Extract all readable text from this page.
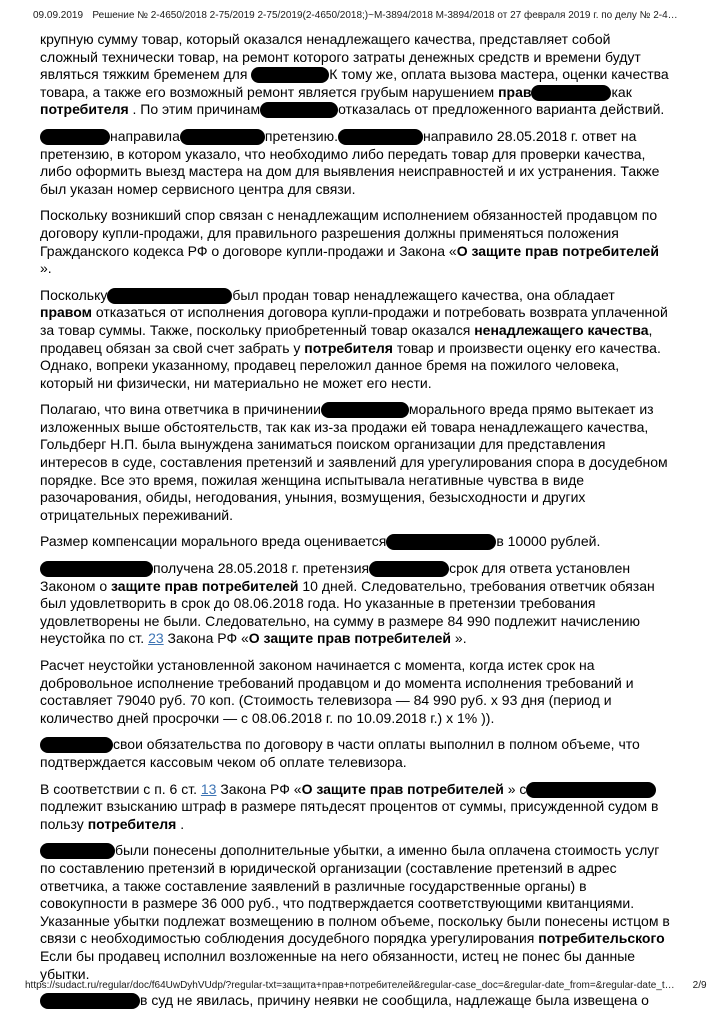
09.09.2019 Решение № 2-4650/2018 2-75/2019 2-75/2019(2-4650/2018;)~М-3894/2018 М-3894/2018 от 27 февраля 2019 г. по делу № 2-4…

крупную сумму товар, который оказался ненадлежащего качества, представляет собой сложный технически товар, на ремонт которого затраты денежных средств и времени будут являться тяжким бременем для	К тому же, оплата вызова мастера, оценки качества товара, а также его возможный ремонт является грубым нарушением прав	как потребителя . По этим причинам	отказалась от предложенного варианта действий.

направила	претензию.	направило 28.05.2018 г. ответ на претензию, в котором указало, что необходимо либо передать товар для проверки качества, либо оформить выезд мастера на дом для выявления неисправностей и их устранения. Также был указан номер сервисного центра для связи.

Поскольку возникший спор связан с ненадлежащим исполнением обязанностей продавцом по договору купли-продажи, для правильного разрешения должны применяться положения Гражданского кодекса РФ о договоре купли-продажи и Закона «О защите прав потребителей ».

Поскольку	был продан товар ненадлежащего качества, она обладает правом отказаться от исполнения договора купли-продажи и потребовать возврата уплаченной за товар суммы. Также, поскольку приобретенный товар оказался ненадлежащего качества, продавец обязан за свой счет забрать у потребителя товар и произвести оценку его качества. Однако, вопреки указанному, продавец переложил данное бремя на пожилого человека, который ни физически, ни материально не может его нести.

Полагаю, что вина ответчика в причинении	морального вреда прямо вытекает из изложенных выше обстоятельств, так как из-за продажи ей товара ненадлежащего качества, Гольдберг Н.П. была вынуждена заниматься поиском организации для представления интересов в суде, составления претензий и заявлений для урегулирования спора в досудебном порядке. Все это время, пожилая женщина испытывала негативные чувства в виде разочарования, обиды, негодования, уныния, возмущения, безысходности и других отрицательных переживаний.

Размер компенсации морального вреда оценивается	в 10000 рублей.

получена 28.05.2018 г. претензия	срок для ответа установлен Законом о защите прав потребителей 10 дней. Следовательно, требования ответчик обязан был удовлетворить в срок до 08.06.2018 года. Но указанные в претензии требования удовлетворены не были. Следовательно, на сумму в размере 84 990 подлежит начислению неустойка по ст. 23 Закона РФ «О защите прав потребителей ».

Расчет неустойки установленной законом начинается с момента, когда истек срок на добровольное исполнение требований продавцом и до момента исполнения требований и составляет 79040 руб. 70 коп. (Стоимость телевизора — 84 990 руб. x 93 дня (период и количество дней просрочки — с 08.06.2018 г. по 10.09.2018 г.) x 1% )).

свои обязательства по договору в части оплаты выполнил в полном объеме, что подтверждается кассовым чеком об оплате телевизора.

В соответствии с п. 6 ст. 13 Закона РФ «О защите прав потребителей » сподлежит взысканию штраф в размере пятьдесят процентов от суммы, присужденной судом в пользу потребителя .

были понесены дополнительные убытки, а именно была оплачена стоимость услуг по составлению претензий в юридической организации (составление претензий в адрес ответчика, а также составление заявлений в различные государственные органы) в совокупности в размере 36 000 руб., что подтверждается соответствующими квитанциями. Указанные убытки подлежат возмещению в полном объеме, поскольку были понесены истцом в связи с необходимостью соблюдения досудебного порядка урегулирования потребительского Если бы продавец исполнил возложенные на него обязанности, истец не понес бы данные убытки.

в суд не явилась, причину неявки не сообщила, надлежаще была извещена о

https://sudact.ru/regular/doc/f64UwDyhVUdp/?regular-txt=защита+прав+потребителей&regular-case_doc=&regular-date_from=&regular-date_t… 2/9
